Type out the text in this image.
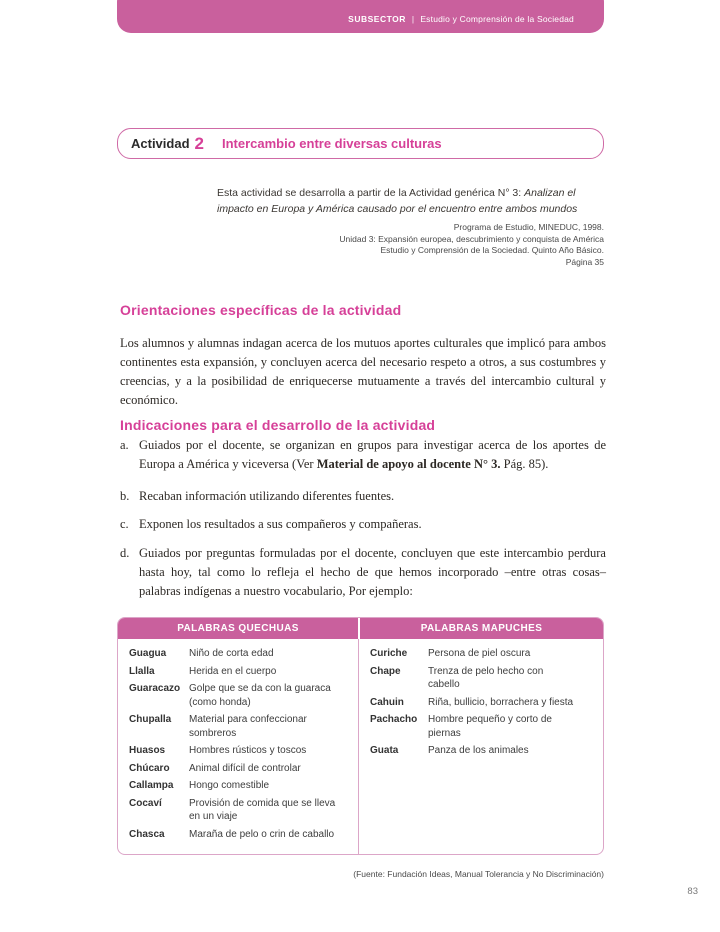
SUBSECTOR | Estudio y Comprensión de la Sociedad
Actividad 2 Intercambio entre diversas culturas

Esta actividad se desarrolla a partir de la Actividad genérica N° 3: Analizan el impacto en Europa y América causado por el encuentro entre ambos mundos

Programa de Estudio, MINEDUC, 1998.
Unidad 3: Expansión europea, descubrimiento y conquista de América
Estudio y Comprensión de la Sociedad. Quinto Año Básico.
Página 35
Orientaciones específicas de la actividad

Los alumnos y alumnas indagan acerca de los mutuos aportes culturales que implicó para ambos continentes esta expansión, y concluyen acerca del necesario respeto a otros, a sus costumbres y creencias, y a la posibilidad de enriquecerse mutuamente a través del intercambio cultural y económico.

Indicaciones para el desarrollo de la actividad
a. Guiados por el docente, se organizan en grupos para investigar acerca de los aportes de Europa a América y viceversa (Ver Material de apoyo al docente N° 3. Pág. 85).
b. Recaban información utilizando diferentes fuentes.
c. Exponen los resultados a sus compañeros y compañeras.
d. Guiados por preguntas formuladas por el docente, concluyen que este intercambio perdura hasta hoy, tal como lo refleja el hecho de que hemos incorporado –entre otras cosas– palabras indígenas a nuestro vocabulario, Por ejemplo:
PALABRAS QUECHUAS	PALABRAS MAPUCHES
Guagua	Niño de corta edad
Llalla	Herida en el cuerpo
Guaracazo Golpe que se da con la guaraca (como honda)
Chupalla	Material para confeccionar sombreros
Huasos	Hombres rústicos y toscos
Chúcaro	Animal difícil de controlar
Callampa	Hongo comestible
Cocaví	Provisión de comida que se lleva en un viaje
Chasca	Maraña de pelo o crin de caballo
Curiche	Persona de piel oscura
Chape	Trenza de pelo hecho con cabello
Cahuin	Riña, bullicio, borrachera y fiesta
Pachacho	Hombre pequeño y corto de piernas
Guata	Panza de los animales
(Fuente: Fundación Ideas, Manual Tolerancia y No Discriminación)
83
